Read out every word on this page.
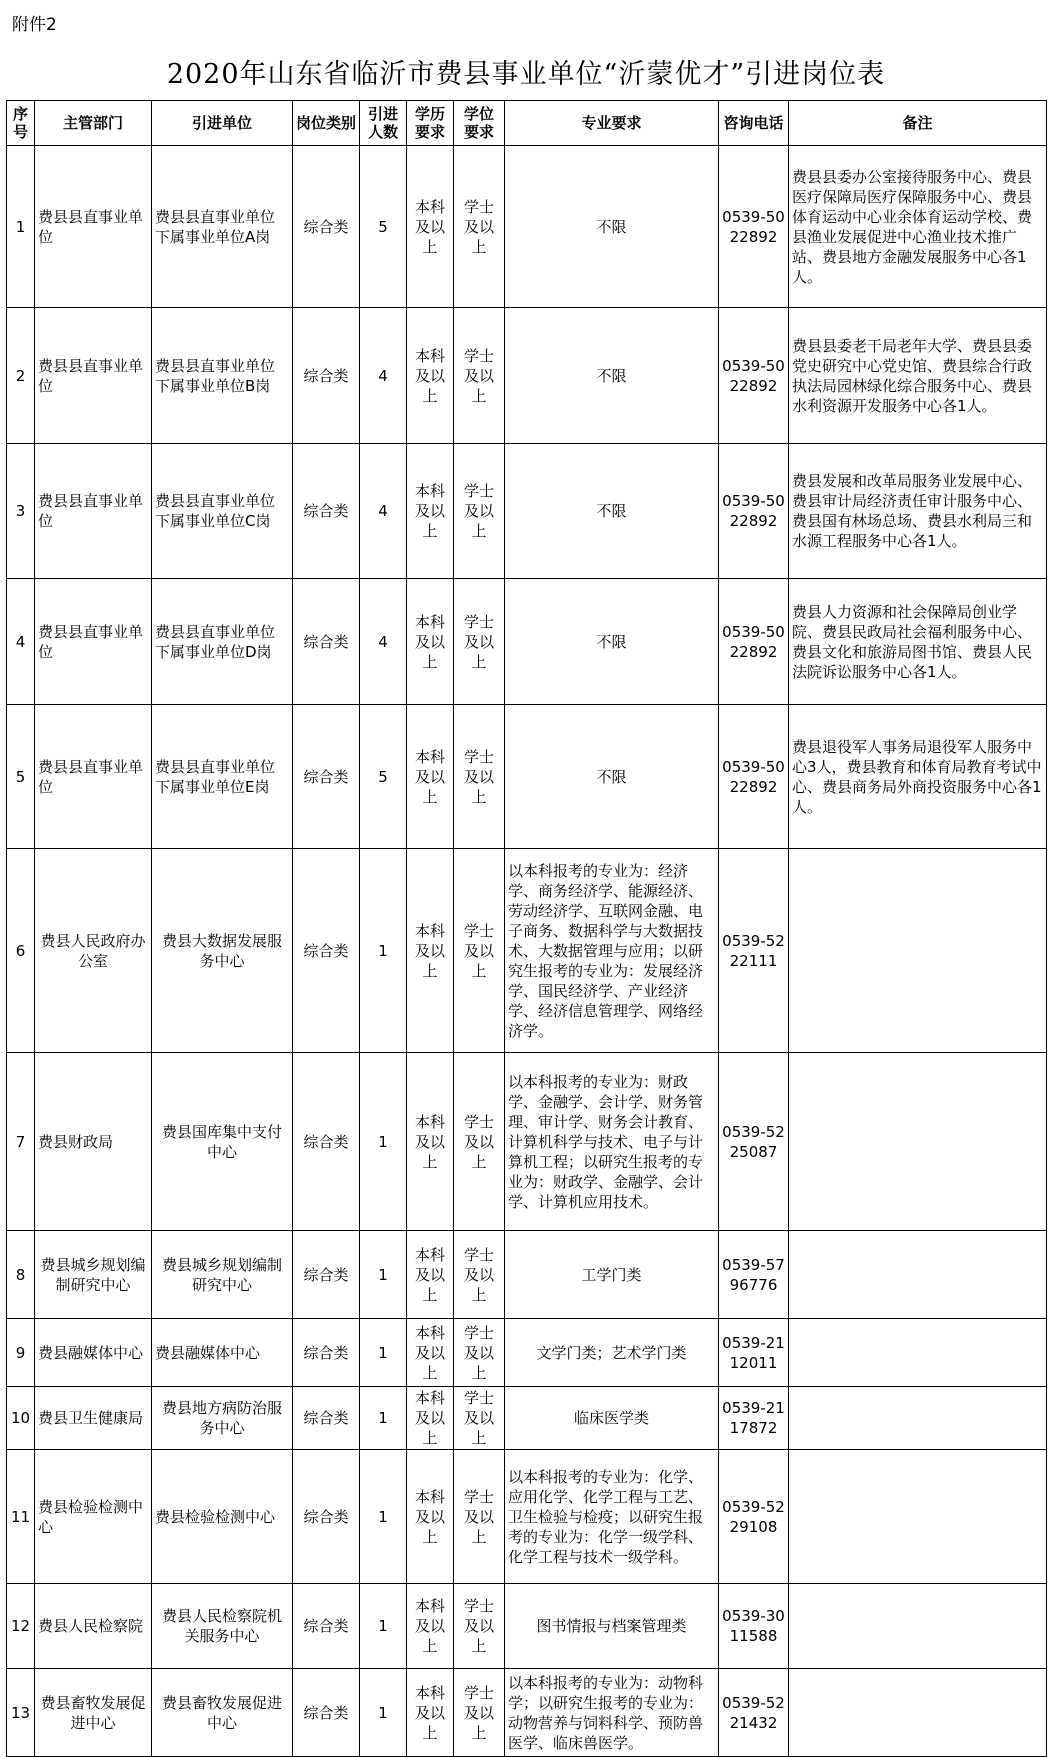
附件2
2020年山东省临沂市费县事业单位“沂蒙优才”引进岗位表
序号	主管部门	引进单位	岗位类别	引进人数	学历要求	学位要求	专业要求	咨询电话	备注
1	费县县直事业单位	费县县直事业单位下属事业单位A岗	综合类	5	本科及以上	学士及以上	不限	0539-5022892	费县县委办公室接待服务中心、费县医疗保障局医疗保障服务中心、费县体育运动中心业余体育运动学校、费县渔业发展促进中心渔业技术推广站、费县地方金融发展服务中心各1人。
2	费县县直事业单位	费县县直事业单位下属事业单位B岗	综合类	4	本科及以上	学士及以上	不限	0539-5022892	费县县委老干局老年大学、费县县委党史研究中心党史馆、费县综合行政执法局园林绿化综合服务中心、费县水利资源开发服务中心各1人。
3	费县县直事业单位	费县县直事业单位下属事业单位C岗	综合类	4	本科及以上	学士及以上	不限	0539-5022892	费县发展和改革局服务业发展中心、费县审计局经济责任审计服务中心、费县国有林场总场、费县水利局三和水源工程服务中心各1人。
4	费县县直事业单位	费县县直事业单位下属事业单位D岗	综合类	4	本科及以上	学士及以上	不限	0539-5022892	费县人力资源和社会保障局创业学院、费县民政局社会福利服务中心、费县文化和旅游局图书馆、费县人民法院诉讼服务中心各1人。
5	费县县直事业单位	费县县直事业单位下属事业单位E岗	综合类	5	本科及以上	学士及以上	不限	0539-5022892	费县退役军人事务局退役军人服务中心3人，费县教育和体育局教育考试中心、费县商务局外商投资服务中心各1人。
6	费县人民政府办公室	费县大数据发展服务中心	综合类	1	本科及以上	学士及以上	以本科报考的专业为：经济学、商务经济学、能源经济、劳动经济学、互联网金融、电子商务、数据科学与大数据技术、大数据管理与应用；以研究生报考的专业为：发展经济学、国民经济学、产业经济学、经济信息管理学、网络经济学。	0539-5222111	
7	费县财政局	费县国库集中支付中心	综合类	1	本科及以上	学士及以上	以本科报考的专业为：财政学、金融学、会计学、财务管理、审计学、财务会计教育、计算机科学与技术、电子与计算机工程；以研究生报考的专业为：财政学、金融学、会计学、计算机应用技术。	0539-5225087	
8	费县城乡规划编制研究中心	费县城乡规划编制研究中心	综合类	1	本科及以上	学士及以上	工学门类	0539-5796776	
9	费县融媒体中心	费县融媒体中心	综合类	1	本科及以上	学士及以上	文学门类；艺术学门类	0539-2112011	
10	费县卫生健康局	费县地方病防治服务中心	综合类	1	本科及以上	学士及以上	临床医学类	0539-2117872	
11	费县检验检测中心	费县检验检测中心	综合类	1	本科及以上	学士及以上	以本科报考的专业为：化学、应用化学、化学工程与工艺、卫生检验与检疫；以研究生报考的专业为：化学一级学科、化学工程与技术一级学科。	0539-5229108	
12	费县人民检察院	费县人民检察院机关服务中心	综合类	1	本科及以上	学士及以上	图书情报与档案管理类	0539-3011588	
13	费县畜牧发展促进中心	费县畜牧发展促进中心	综合类	1	本科及以上	学士及以上	以本科报考的专业为：动物科学；以研究生报考的专业为：动物营养与饲料科学、预防兽医学、临床兽医学。	0539-5221432	
